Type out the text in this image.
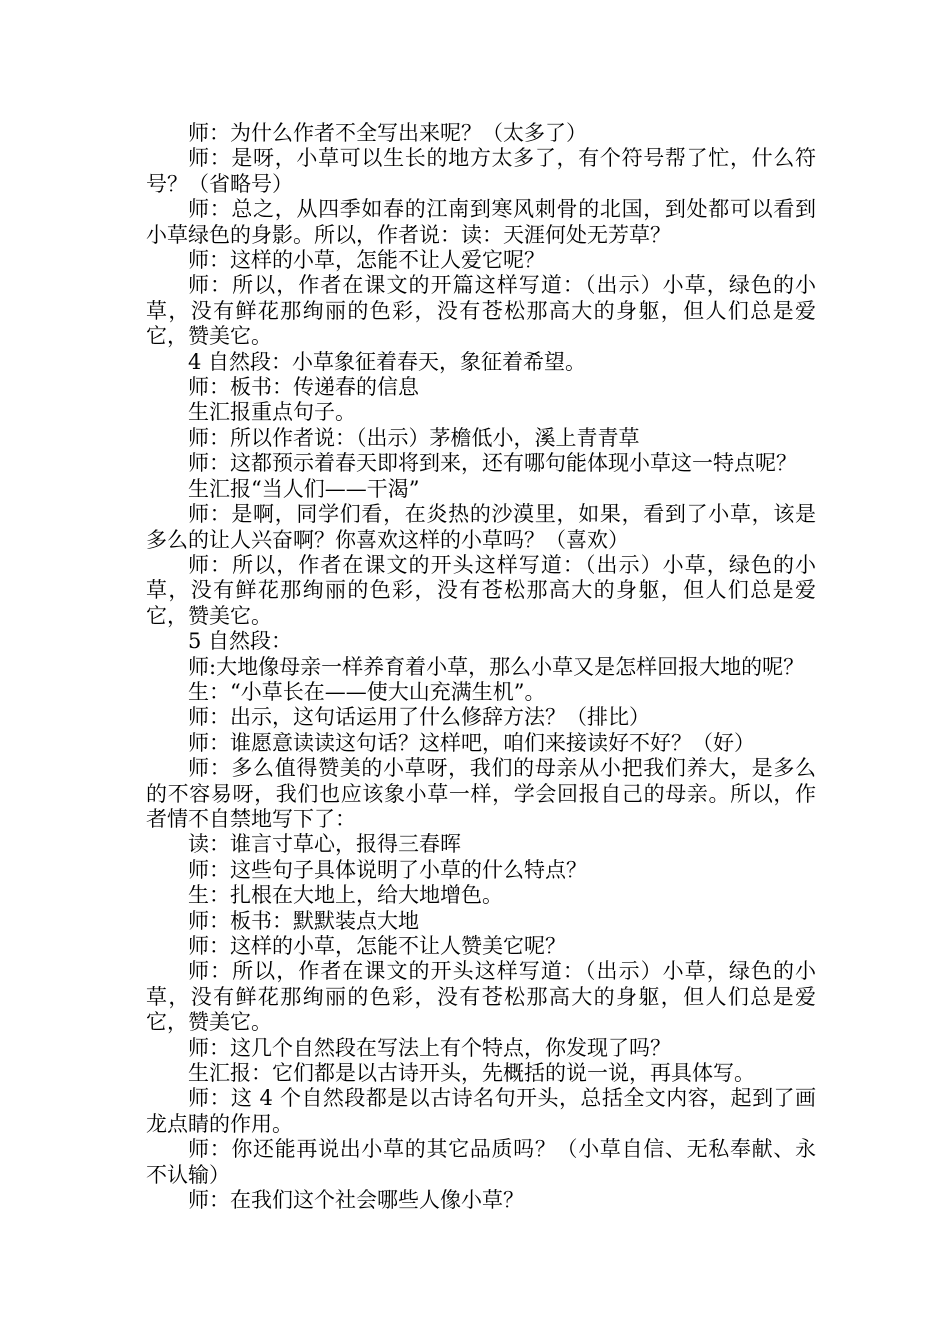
师：为什么作者不全写出来呢？（太多了）

师：是呀，小草可以生长的地方太多了，有个符号帮了忙，什么符号？（省略号）

师：总之，从四季如春的江南到寒风刺骨的北国，到处都可以看到小草绿色的身影。所以，作者说：读：天涯何处无芳草？

师：这样的小草，怎能不让人爱它呢？

师：所以，作者在课文的开篇这样写道：（出示）小草，绿色的小草，没有鲜花那绚丽的色彩，没有苍松那高大的身躯，但人们总是爱它，赞美它。

4 自然段：小草象征着春天，象征着希望。

师：板书：传递春的信息

生汇报重点句子。

师：所以作者说：（出示）茅檐低小，溪上青青草

师：这都预示着春天即将到来，还有哪句能体现小草这一特点呢？

生汇报“当人们——干渴”

师：是啊，同学们看，在炎热的沙漠里，如果，看到了小草，该是多么的让人兴奋啊？你喜欢这样的小草吗？（喜欢）

师：所以，作者在课文的开头这样写道：（出示）小草，绿色的小草，没有鲜花那绚丽的色彩，没有苍松那高大的身躯，但人们总是爱它，赞美它。

5 自然段：

师:大地像母亲一样养育着小草，那么小草又是怎样回报大地的呢？

生：“小草长在——使大山充满生机”。

师：出示，这句话运用了什么修辞方法？（排比）

师：谁愿意读读这句话？这样吧，咱们来接读好不好？（好）

师：多么值得赞美的小草呀，我们的母亲从小把我们养大，是多么的不容易呀，我们也应该象小草一样，学会回报自己的母亲。所以，作者情不自禁地写下了：

读：谁言寸草心，报得三春晖

师：这些句子具体说明了小草的什么特点？

生：扎根在大地上，给大地增色。

师：板书：默默装点大地

师：这样的小草，怎能不让人赞美它呢？

师：所以，作者在课文的开头这样写道：（出示）小草，绿色的小草，没有鲜花那绚丽的色彩，没有苍松那高大的身躯，但人们总是爱它，赞美它。

师：这几个自然段在写法上有个特点，你发现了吗？

生汇报：它们都是以古诗开头，先概括的说一说，再具体写。

师：这 4 个自然段都是以古诗名句开头，总括全文内容，起到了画龙点睛的作用。

师：你还能再说出小草的其它品质吗？（小草自信、无私奉献、永不认输）

师：在我们这个社会哪些人像小草？
